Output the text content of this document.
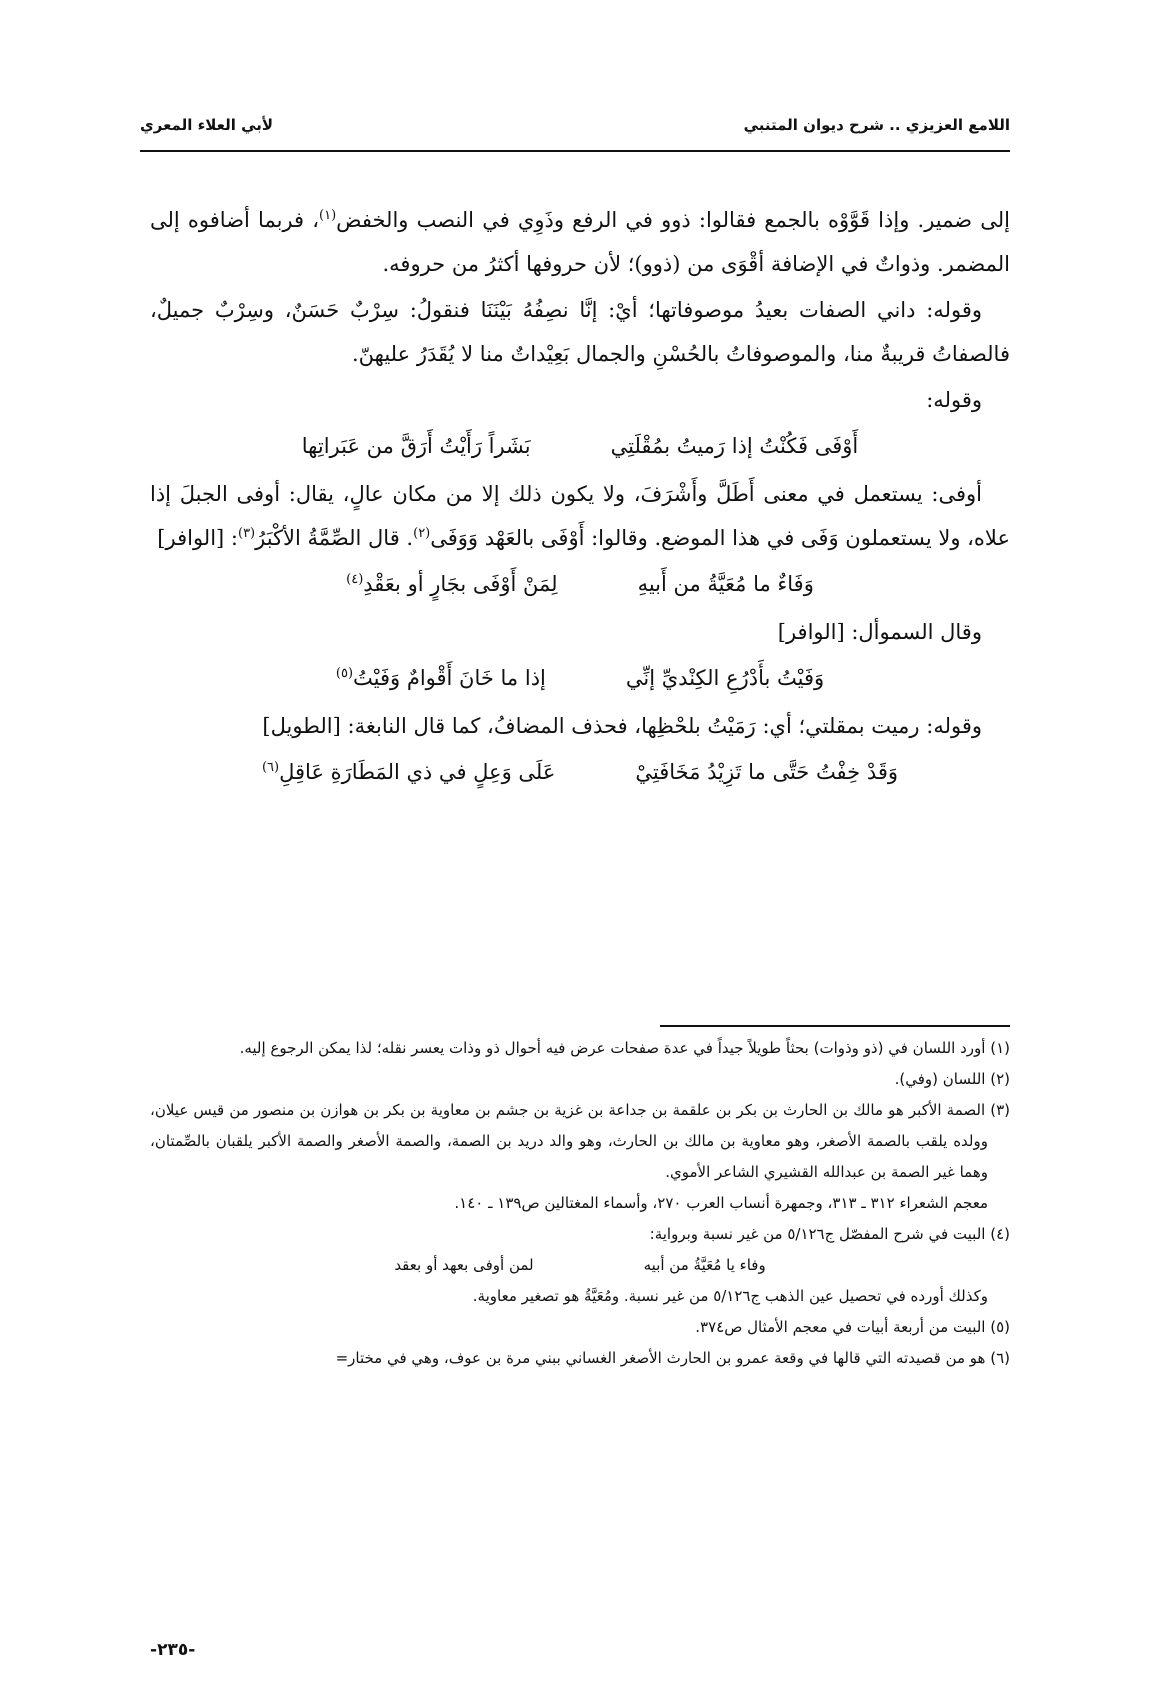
اللامع العزيزي .. شرح ديوان المتنبي
لأبي العلاء المعري

إلى ضمير. وإذا قَوَّوْه بالجمع فقالوا: ذوو في الرفع وذَوِي في النصب والخفض$^{(١)}$، فربما أضافوه إلى المضمر. وذواتٌ في الإضافة أقْوَى من (ذوو)؛ لأن حروفها أكثرُ من حروفه.

وقوله: داني الصفات بعيدُ موصوفاتها؛ أيْ: إنَّا نصِفُهُ بَيْنَنَا فنقولُ: سِرْبٌ حَسَنٌ، وسِرْبٌ جميلٌ، فالصفاتُ قريبةٌ منا، والموصوفاتُ بالحُسْنِ والجمال بَعِيْداتٌ منا لا يُقَدَرُ عليهنّ.

وقوله:

أَوْفَى فَكُنْتُ إذا رَميتُ بمُقْلَتِي
بَشَراً رَأَيْتُ أَرَقَّ من عَبَراتِها

أوفى: يستعمل في معنى أَطَلَّ وأَشْرَفَ، ولا يكون ذلك إلا من مكان عالٍ، يقال: أوفى الجبلَ إذا علاه، ولا يستعملون وَفَى في هذا الموضع. وقالوا: أَوْفَى بالعَهْد وَوَفَى$^{(٢)}$. قال الصِّمَّةُ الأكْبَرُ$^{(٣)}$: [الوافر]

وَفَاءٌ ما مُعَيَّةُ من أَبيهِ
لِمَنْ أَوْفَى بجَارٍ أو بعَقْدِ$^{(٤)}$

وقال السموأل: [الوافر]

وَفَيْتُ بأَدْرُعِ الكِنْديِّ إنِّي
إذا ما خَانَ أَقْوامٌ وَفَيْتُ$^{(٥)}$

وقوله: رميت بمقلتي؛ أي: رَمَيْتُ بلحْظِها، فحذف المضافُ، كما قال النابغة: [الطويل]

وَقَدْ خِفْتُ حَتَّى ما تَزِيْدُ مَخَافَتِيْ
عَلَى وَعِلٍ في ذي المَطَارَةِ عَاقِلِ$^{(٦)}$

(١) أورد اللسان في (ذو وذوات) بحثاً طويلاً جيداً في عدة صفحات عرض فيه أحوال ذو وذات يعسر نقله؛ لذا يمكن الرجوع إليه.

(٢) اللسان (وفي).

(٣) الصمة الأكبر هو مالك بن الحارث بن بكر بن علقمة بن جداعة بن غزية بن جشم بن معاوية بن بكر بن هوازن بن منصور من قيس عيلان، وولده يلقب بالصمة الأصغر، وهو معاوية بن مالك بن الحارث، وهو والد دريد بن الصمة، والصمة الأصغر والصمة الأكبر يلقبان بالصِّمتان، وهما غير الصمة بن عبدالله القشيري الشاعر الأموي.

معجم الشعراء ٣١٢ ـ ٣١٣، وجمهرة أنساب العرب ٢٧٠، وأسماء المغتالين ص١٣٩ ـ ١٤٠.

(٤) البيت في شرح المفصّل ج٥/١٢٦ من غير نسبة وبرواية:

وفاء يا مُعَيَّةُ من أبيه
لمن أوفى بعهد أو بعقد

وكذلك أورده في تحصيل عين الذهب ج٥/١٢٦ من غير نسبة. ومُعَيَّةُ هو تصغير معاوية.

(٥) البيت من أربعة أبيات في معجم الأمثال ص٣٧٤.

(٦) هو من قصيدته التي قالها في وقعة عمرو بن الحارث الأصغر الغساني ببني مرة بن عوف، وهي في مختار=

-٢٣٥-
